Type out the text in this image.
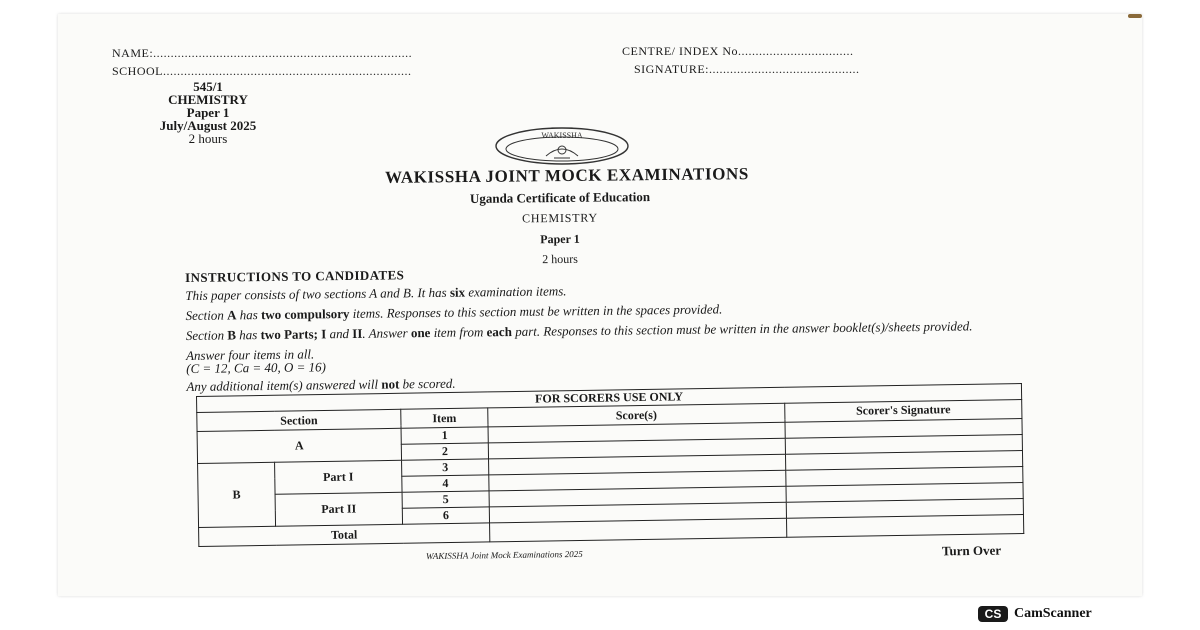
NAME:..........................................................................	CENTRE/ INDEX No.................................
SCHOOL.......................................................................	SIGNATURE:...........................................
545/1
CHEMISTRY
Paper 1
July/August 2025
2 hours	WAKISSHA
WAKISSHA JOINT MOCK EXAMINATIONS
Uganda Certificate of Education
CHEMISTRY
Paper 1
2 hours
INSTRUCTIONS TO CANDIDATES
This paper consists of two sections A and B. It has six examination items.
Section A has two compulsory items. Responses to this section must be written in the spaces provided.
Section B has two Parts; I and II. Answer one item from each part. Responses to this section must be written in the answer booklet(s)/sheets provided.
Answer four items in all.
(C = 12, Ca = 40, O = 16)
Any additional item(s) answered will not be scored.
FOR SCORERS USE ONLY				
Section		Item	Score(s)	Scorer's Signature

A		1		
		2		
B	Part I	3		
		4		
	Part II	5		
		6		
Total				
WAKISSHA Joint Mock Examinations 2025	Turn Over
CS CamScanner
